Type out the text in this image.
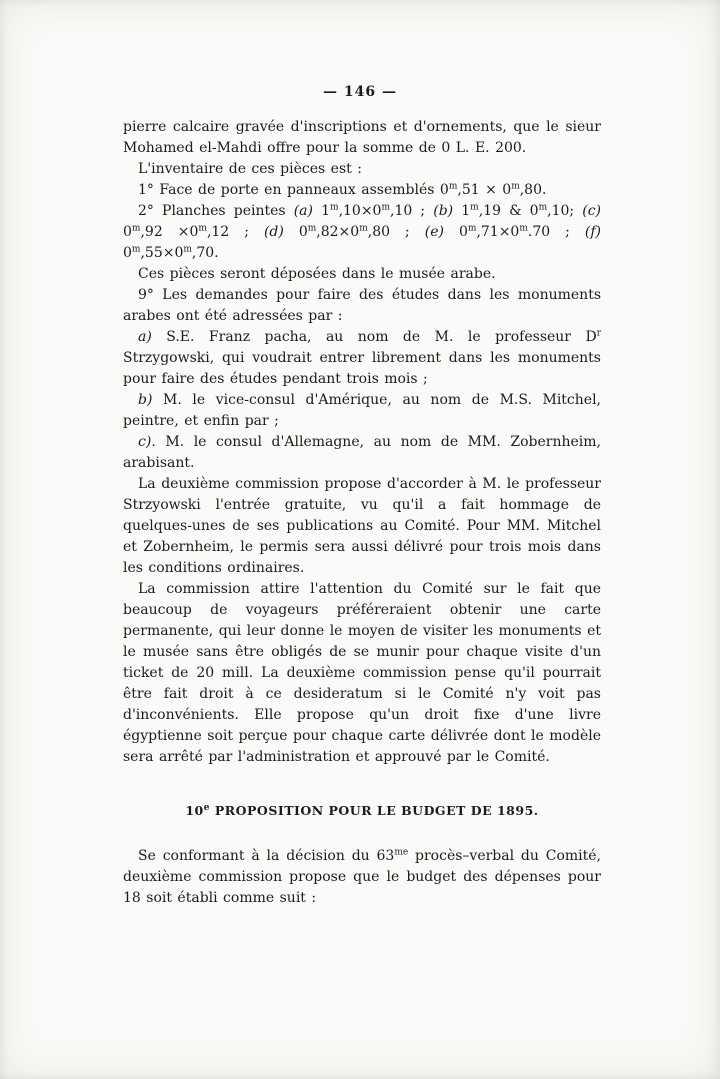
— 146 —

pierre calcaire gravée d'inscriptions et d'ornements, que le sieur Mohamed el-Mahdi offre pour la somme de 0 L. E. 200.

L'inventaire de ces pièces est :

1° Face de porte en panneaux assemblés $0^m,51 \times 0^m,80$.

2° Planches peintes (a) $1^m,10\times 0^m,10$ ; (b) 1$^m$,19 & 0$^m$,10; (c) $0^m,92 \times 0^m,12$ ; (d) $0^m,82\times 0^m,80$ ; (e) $0^m,71\times 0^m.70$ ; (f) $0^m,55\times 0^m,70$.

Ces pièces seront déposées dans le musée arabe.

9° Les demandes pour faire des études dans les monuments arabes ont été adressées par :

a) S.E. Franz pacha, au nom de M. le professeur $D^r$ Strzygowski, qui voudrait entrer librement dans les monuments pour faire des études pendant trois mois ;

b) M. le vice-consul d'Amérique, au nom de M.S. Mitchel, peintre, et enfin par ;

c). M. le consul d'Allemagne, au nom de MM. Zobernheim, arabisant.

La deuxième commission propose d'accorder à M. le professeur Strzyowski l'entrée gratuite, vu qu'il a fait hommage de quelques-unes de ses publications au Comité. Pour MM. Mitchel et Zobernheim, le permis sera aussi délivré pour trois mois dans les conditions ordinaires.

La commission attire l'attention du Comité sur le fait que beaucoup de voyageurs préféreraient obtenir une carte permanente, qui leur donne le moyen de visiter les monuments et le musée sans être obligés de se munir pour chaque visite d'un ticket de 20 mill. La deuxième commission pense qu'il pourrait être fait droit à ce desideratum si le Comité n'y voit pas d'inconvénients. Elle propose qu'un droit fixe d'une livre égyptienne soit perçue pour chaque carte délivrée dont le modèle sera arrêté par l'administration et approuvé par le Comité.

10e PROPOSITION POUR LE BUDGET DE 1895.

Se conformant à la décision du $63^{me}$ procès–verbal du Comité, deuxième commission propose que le budget des dépenses pour 18 soit établi comme suit :
